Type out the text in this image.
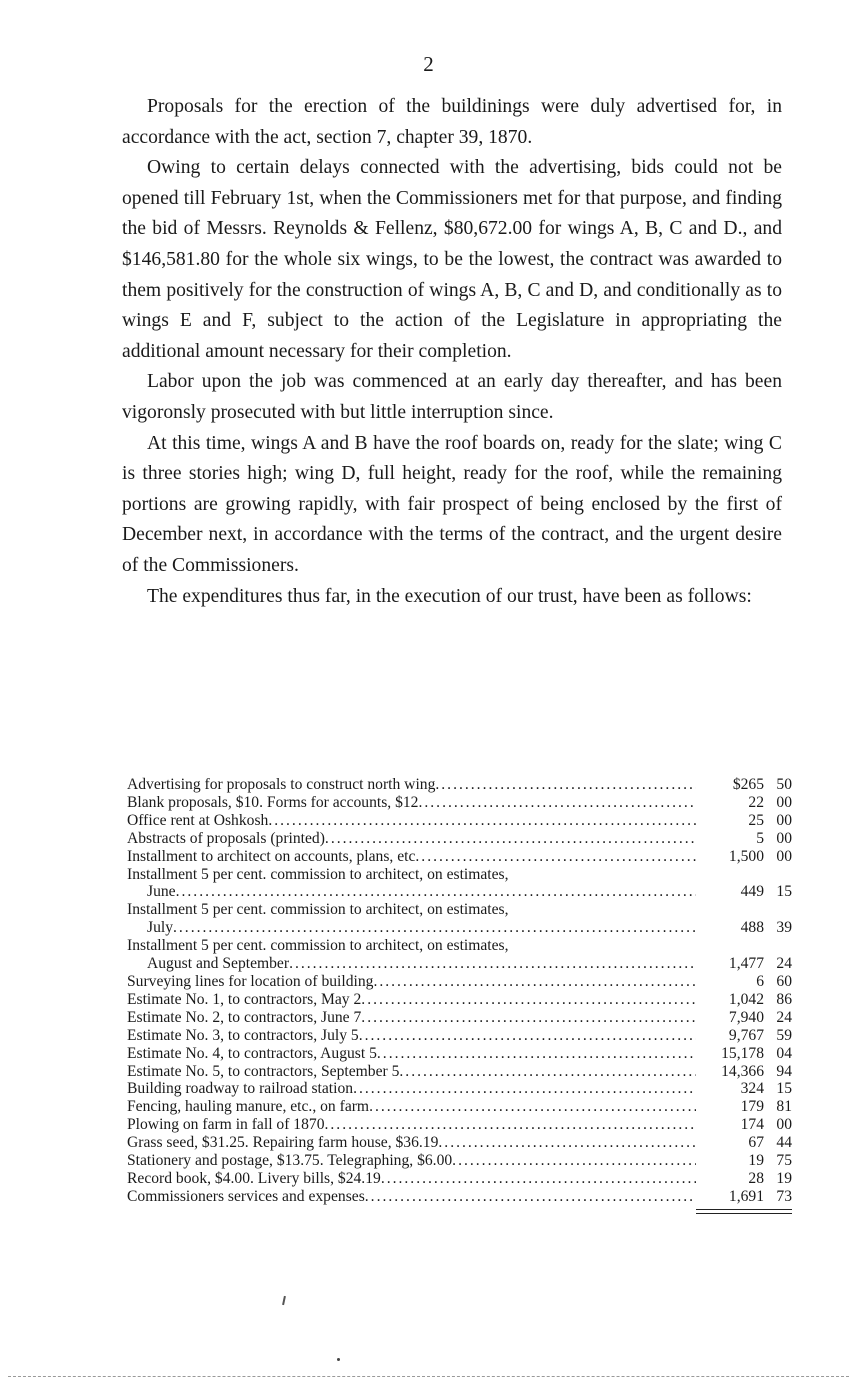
2

Proposals for the erection of the buildinings were duly advertised for, in accordance with the act, section 7, chapter 39, 1870.

Owing to certain delays connected with the advertising, bids could not be opened till February 1st, when the Commissioners met for that purpose, and finding the bid of Messrs. Reynolds & Fellenz, $80,672.00 for wings A, B, C and D., and $146,581.80 for the whole six wings, to be the lowest, the contract was awarded to them positively for the construction of wings A, B, C and D, and conditionally as to wings E and F, subject to the action of the Legislature in appropriating the additional amount necessary for their completion.

Labor upon the job was commenced at an early day thereafter, and has been vigoronsly prosecuted with but little interruption since.

At this time, wings A and B have the roof boards on, ready for the slate; wing C is three stories high; wing D, full height, ready for the roof, while the remaining portions are growing rapidly, with fair prospect of being enclosed by the first of December next, in accordance with the terms of the contract, and the urgent desire of the Commissioners.

The expenditures thus far, in the execution of our trust, have been as follows:

Advertising for proposals to construct north wing .....	$265 50
Blank proposals, $10. Forms for accounts, $12 .....	22 00
Office rent at Oshkosh .....	25 00
Abstracts of proposals (printed) .....	5 00
Installment to architect on accounts, plans, etc .....	1,500 00
Installment 5 per cent. commission to architect, on estimates,
June .....	449 15
Installment 5 per cent. commission to architect, on estimates,
July .....	488 39
Installment 5 per cent. commission to architect, on estimates,
August and September .....	1,477 24
Surveying lines for location of building .....	6 60
Estimate No. 1, to contractors, May 2 .....	1,042 86
Estimate No. 2, to contractors, June 7 .....	7,940 24
Estimate No. 3, to contractors, July 5 .....	9,767 59
Estimate No. 4, to contractors, August 5 .....	15,178 04
Estimate No. 5, to contractors, September 5 .....	14,366 94
Building roadway to railroad station .....	324 15
Fencing, hauling manure, etc., on farm .....	179 81
Plowing on farm in fall of 1870 .....	174 00
Grass seed, $31.25. Repairing farm house, $36.19 .....	67 44
Stationery and postage, $13.75. Telegraphing, $6.00 .....	19 75
Record book, $4.00. Livery bills, $24.19 .....	28 19
Commissioners services and expenses .....	1,691 73
